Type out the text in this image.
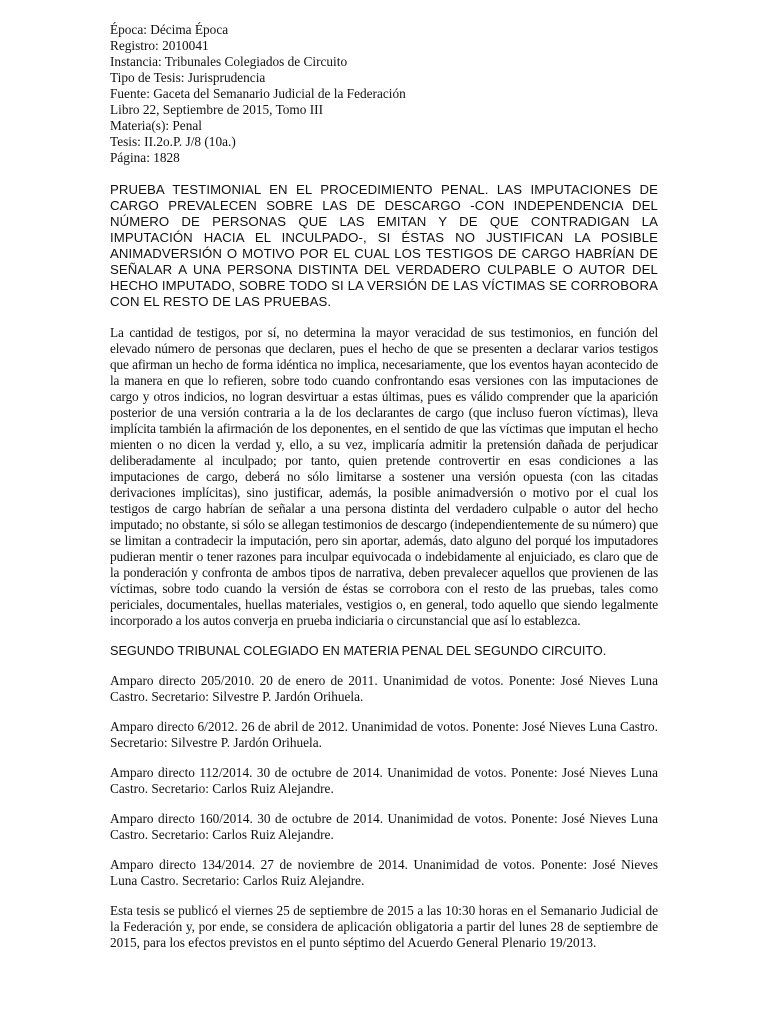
Época: Décima Época

Registro: 2010041

Instancia: Tribunales Colegiados de Circuito

Tipo de Tesis: Jurisprudencia

Fuente: Gaceta del Semanario Judicial de la Federación

Libro 22, Septiembre de 2015, Tomo III

Materia(s): Penal

Tesis: II.2o.P. J/8 (10a.)

Página: 1828

PRUEBA TESTIMONIAL EN EL PROCEDIMIENTO PENAL. LAS IMPUTACIONES DE CARGO PREVALECEN SOBRE LAS DE DESCARGO -CON INDEPENDENCIA DEL NÚMERO DE PERSONAS QUE LAS EMITAN Y DE QUE CONTRADIGAN LA IMPUTACIÓN HACIA EL INCULPADO-, SI ÉSTAS NO JUSTIFICAN LA POSIBLE ANIMADVERSIÓN O MOTIVO POR EL CUAL LOS TESTIGOS DE CARGO HABRÍAN DE SEÑALAR A UNA PERSONA DISTINTA DEL VERDADERO CULPABLE O AUTOR DEL HECHO IMPUTADO, SOBRE TODO SI LA VERSIÓN DE LAS VÍCTIMAS SE CORROBORA CON EL RESTO DE LAS PRUEBAS.

La cantidad de testigos, por sí, no determina la mayor veracidad de sus testimonios, en función del elevado número de personas que declaren, pues el hecho de que se presenten a declarar varios testigos que afirman un hecho de forma idéntica no implica, necesariamente, que los eventos hayan acontecido de la manera en que lo refieren, sobre todo cuando confrontando esas versiones con las imputaciones de cargo y otros indicios, no logran desvirtuar a estas últimas, pues es válido comprender que la aparición posterior de una versión contraria a la de los declarantes de cargo (que incluso fueron víctimas), lleva implícita también la afirmación de los deponentes, en el sentido de que las víctimas que imputan el hecho mienten o no dicen la verdad y, ello, a su vez, implicaría admitir la pretensión dañada de perjudicar deliberadamente al inculpado; por tanto, quien pretende controvertir en esas condiciones a las imputaciones de cargo, deberá no sólo limitarse a sostener una versión opuesta (con las citadas derivaciones implícitas), sino justificar, además, la posible animadversión o motivo por el cual los testigos de cargo habrían de señalar a una persona distinta del verdadero culpable o autor del hecho imputado; no obstante, si sólo se allegan testimonios de descargo (independientemente de su número) que se limitan a contradecir la imputación, pero sin aportar, además, dato alguno del porqué los imputadores pudieran mentir o tener razones para inculpar equivocada o indebidamente al enjuiciado, es claro que de la ponderación y confronta de ambos tipos de narrativa, deben prevalecer aquellos que provienen de las víctimas, sobre todo cuando la versión de éstas se corrobora con el resto de las pruebas, tales como periciales, documentales, huellas materiales, vestigios o, en general, todo aquello que siendo legalmente incorporado a los autos converja en prueba indiciaria o circunstancial que así lo establezca.

SEGUNDO TRIBUNAL COLEGIADO EN MATERIA PENAL DEL SEGUNDO CIRCUITO.

Amparo directo 205/2010. 20 de enero de 2011. Unanimidad de votos. Ponente: José Nieves Luna Castro. Secretario: Silvestre P. Jardón Orihuela.

Amparo directo 6/2012. 26 de abril de 2012. Unanimidad de votos. Ponente: José Nieves Luna Castro. Secretario: Silvestre P. Jardón Orihuela.

Amparo directo 112/2014. 30 de octubre de 2014. Unanimidad de votos. Ponente: José Nieves Luna Castro. Secretario: Carlos Ruiz Alejandre.

Amparo directo 160/2014. 30 de octubre de 2014. Unanimidad de votos. Ponente: José Nieves Luna Castro. Secretario: Carlos Ruiz Alejandre.

Amparo directo 134/2014. 27 de noviembre de 2014. Unanimidad de votos. Ponente: José Nieves Luna Castro. Secretario: Carlos Ruiz Alejandre.

Esta tesis se publicó el viernes 25 de septiembre de 2015 a las 10:30 horas en el Semanario Judicial de la Federación y, por ende, se considera de aplicación obligatoria a partir del lunes 28 de septiembre de 2015, para los efectos previstos en el punto séptimo del Acuerdo General Plenario 19/2013.
